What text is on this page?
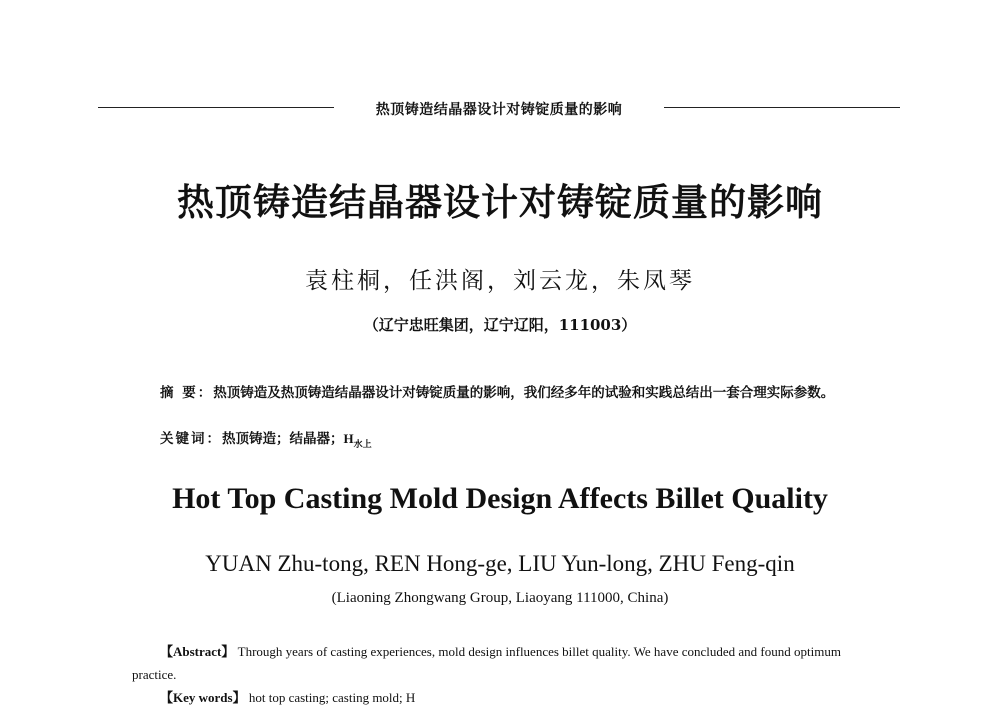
热顶铸造结晶器设计对铸锭质量的影响
热顶铸造结晶器设计对铸锭质量的影响
袁柱桐，任洪阁，刘云龙，朱凤琴
（辽宁忠旺集团，辽宁辽阳，111003）
摘 要：热顶铸造及热顶铸造结晶器设计对铸锭质量的影响，我们经多年的试验和实践总结出一套合理实际参数。
关键词：热顶铸造；结晶器；$H_{水上}$
Hot Top Casting Mold Design Affects Billet Quality
YUAN Zhu-tong, REN Hong-ge, LIU Yun-long, ZHU Feng-qin
(Liaoning Zhongwang Group, Liaoyang 111000, China)
【Abstract】 Through years of casting experiences, mold design influences billet quality. We have concluded and found optimum practice.
【Key words】 hot top casting; casting mold; H
